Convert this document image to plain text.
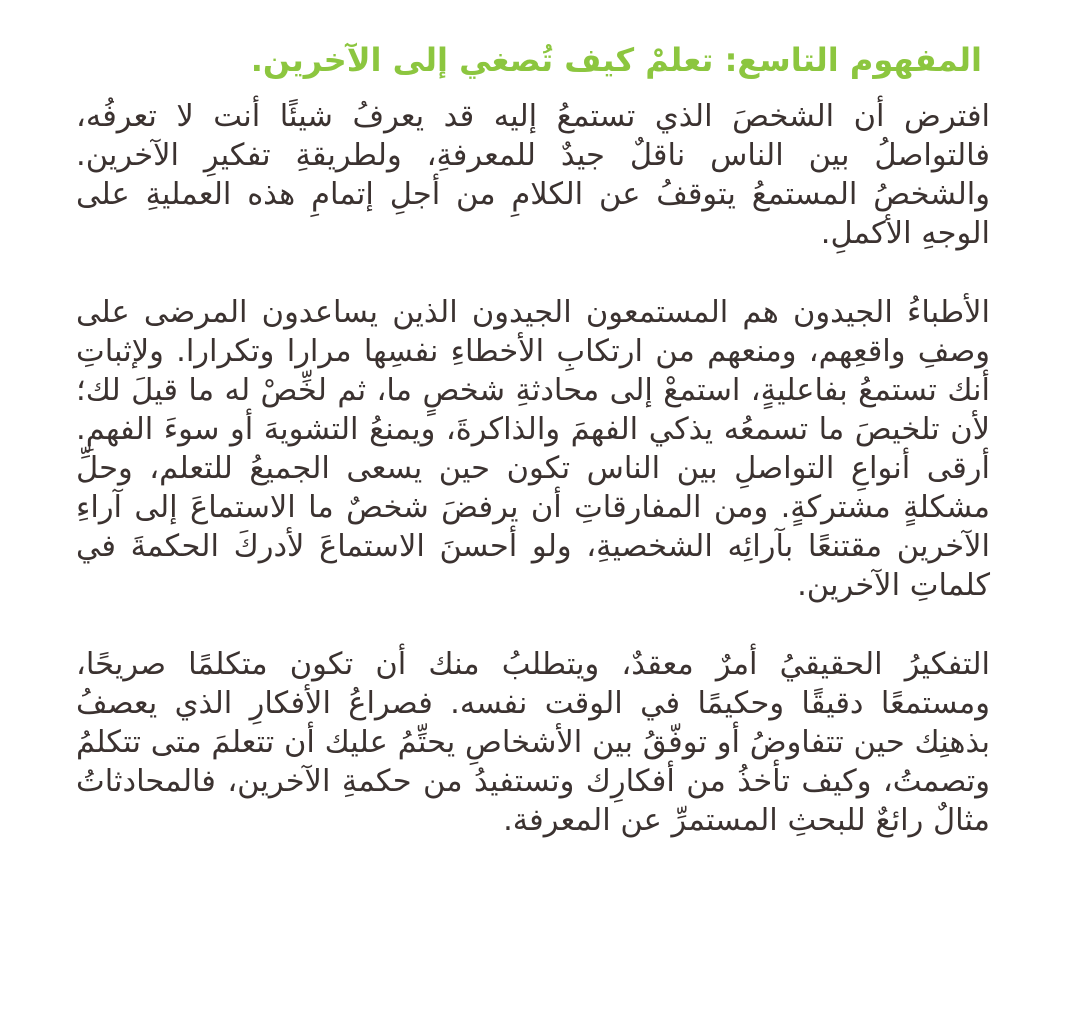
المفهوم التاسع: تعلمْ كيف تُصغي إلى الآخرين.

افترض أن الشخصَ الذي تستمعُ إليه قد يعرفُ شيئًا أنت لا تعرفُه، فالتواصلُ بين الناس ناقلٌ جيدٌ للمعرفةِ، ولطريقةِ تفكيرِ الآخرين. والشخصُ المستمعُ يتوقفُ عن الكلامِ من أجلِ إتمامِ هذه العمليةِ على الوجهِ الأكملِ.

الأطباءُ الجيدون هم المستمعون الجيدون الذين يساعدون المرضى على وصفِ واقعِهم، ومنعهم من ارتكابِ الأخطاءِ نفسِها مرارا وتكرارا. ولإثباتِ أنك تستمعُ بفاعليةٍ، استمعْ إلى محادثةِ شخصٍ ما، ثم لخِّصْ له ما قيلَ لك؛ لأن تلخيصَ ما تسمعُه يذكي الفهمَ والذاكرةَ، ويمنعُ التشويهَ أو سوءَ الفهمِ. أرقى أنواعِ التواصلِ بين الناس تكون حين يسعى الجميعُ للتعلم، وحلِّ مشكلةٍ مشتركةٍ. ومن المفارقاتِ أن يرفضَ شخصٌ ما الاستماعَ إلى آراءِ الآخرين مقتنعًا بآرائِه الشخصيةِ، ولو أحسنَ الاستماعَ لأدركَ الحكمةَ في كلماتِ الآخرين.

التفكيرُ الحقيقيُ أمرٌ معقدٌ، ويتطلبُ منك أن تكون متكلمًا صريحًا، ومستمعًا دقيقًا وحكيمًا في الوقت نفسه. فصراعُ الأفكارِ الذي يعصفُ بذهنِك حين تتفاوضُ أو توفّقُ بين الأشخاصِ يحتِّمُ عليك أن تتعلمَ متى تتكلمُ وتصمتُ، وكيف تأخذُ من أفكارِك وتستفيدُ من حكمةِ الآخرين، فالمحادثاتُ مثالٌ رائعٌ للبحثِ المستمرِّ عن المعرفة.
